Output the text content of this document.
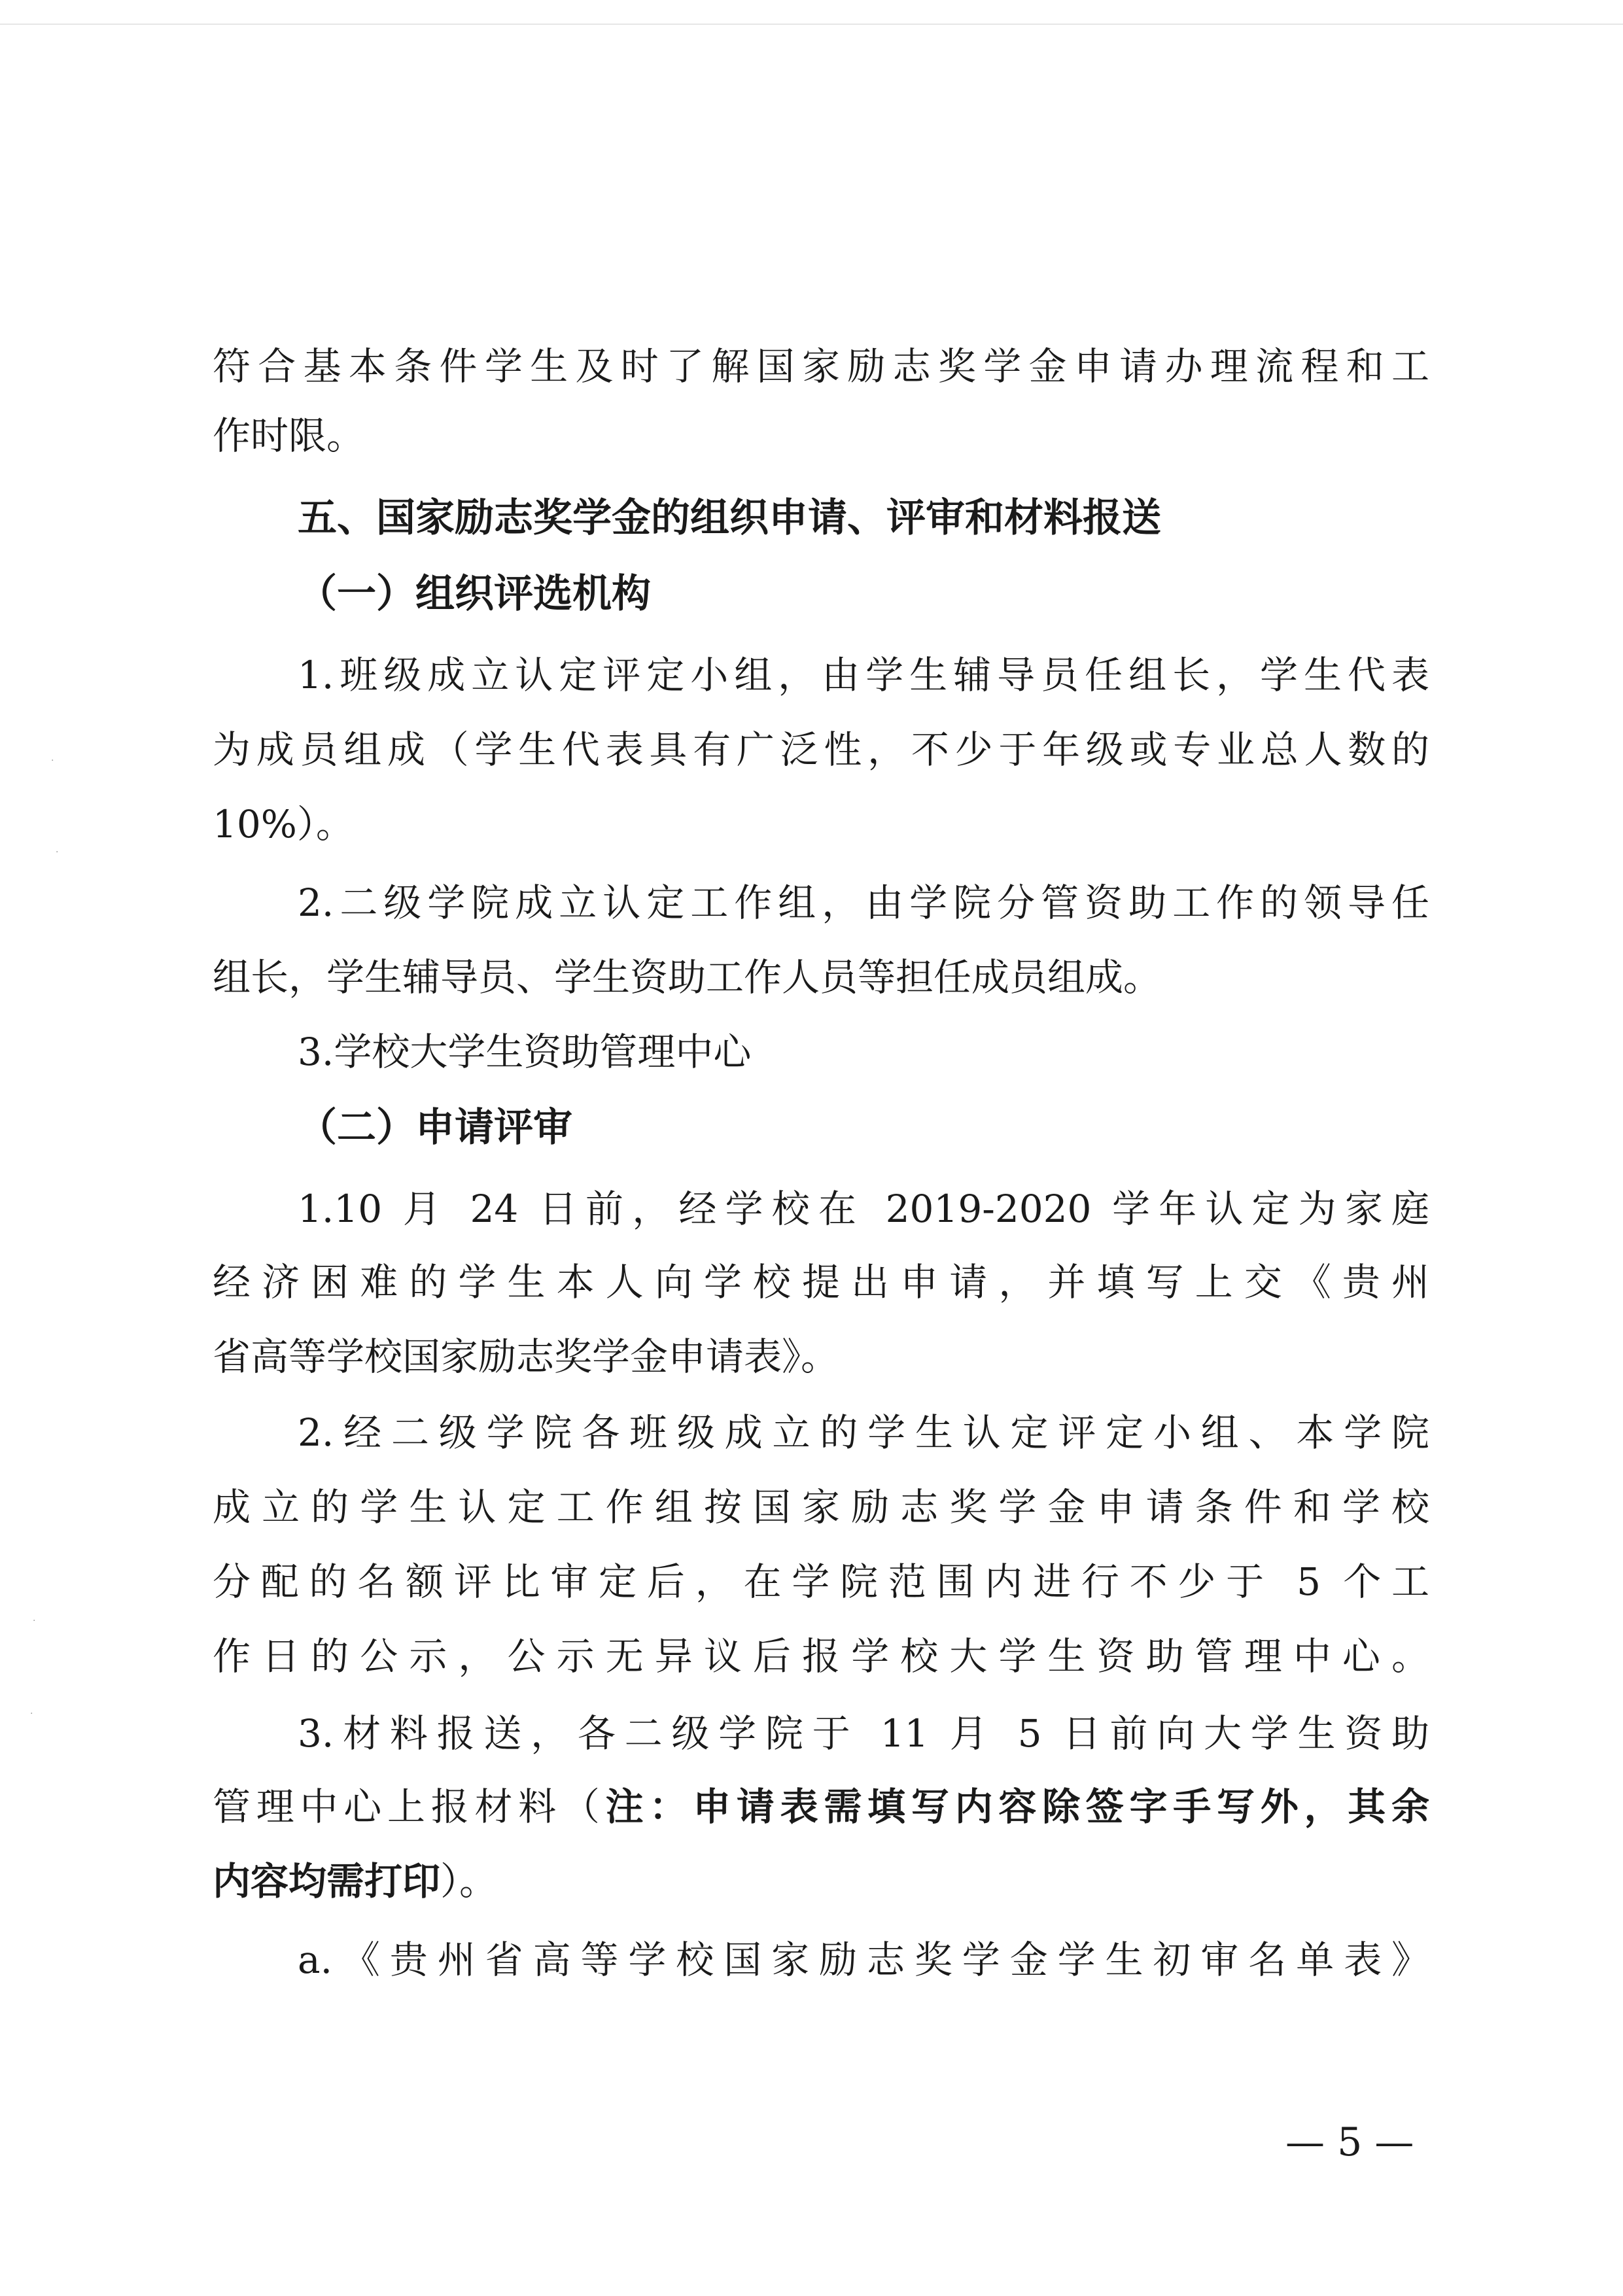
·
·
·
·
符合基本条件学生及时了解国家励志奖学金申请办理流程和工
作时限。
五、国家励志奖学金的组织申请、评审和材料报送
（一）组织评选机构
1.班级成立认定评定小组，由学生辅导员任组长，学生代表
为成员组成（学生代表具有广泛性，不少于年级或专业总人数的
10%）。
2.二级学院成立认定工作组，由学院分管资助工作的领导任
组长，学生辅导员、学生资助工作人员等担任成员组成。
3.学校大学生资助管理中心
（二）申请评审
1.10 月 24 日前，经学校在 2019-2020 学年认定为家庭
经济困难的学生本人向学校提出申请，并填写上交《贵州
省高等学校国家励志奖学金申请表》。
2.经二级学院各班级成立的学生认定评定小组、本学院
成立的学生认定工作组按国家励志奖学金申请条件和学校
分配的名额评比审定后，在学院范围内进行不少于 5 个工
作日的公示，公示无异议后报学校大学生资助管理中心。
3.材料报送，各二级学院于 11 月 5 日前向大学生资助
管理中心上报材料（注：申请表需填写内容除签字手写外，其余
内容均需打印）。
a.《贵州省高等学校国家励志奖学金学生初审名单表》
— 5 —
